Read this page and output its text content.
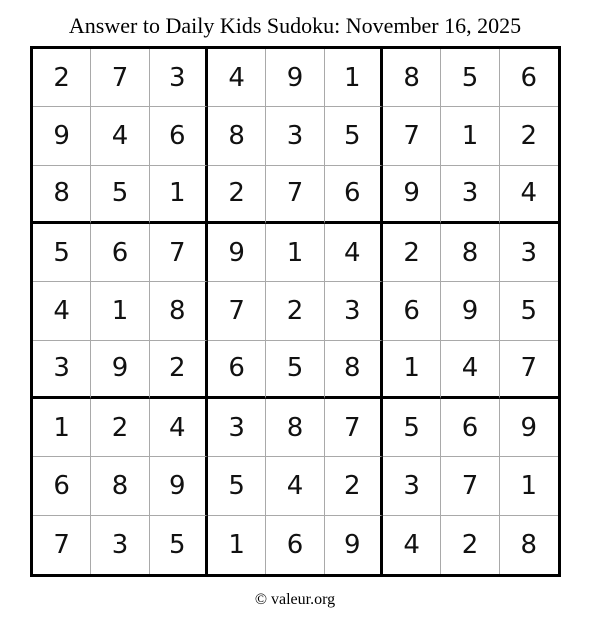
Answer to Daily Kids Sudoku: November 16, 2025
2	7	3	4	9	1	8	5	6
9	4	6	8	3	5	7	1	2
8	5	1	2	7	6	9	3	4
5	6	7	9	1	4	2	8	3
4	1	8	7	2	3	6	9	5
3	9	2	6	5	8	1	4	7
1	2	4	3	8	7	5	6	9
6	8	9	5	4	2	3	7	1
7	3	5	1	6	9	4	2	8
© valeur.org
